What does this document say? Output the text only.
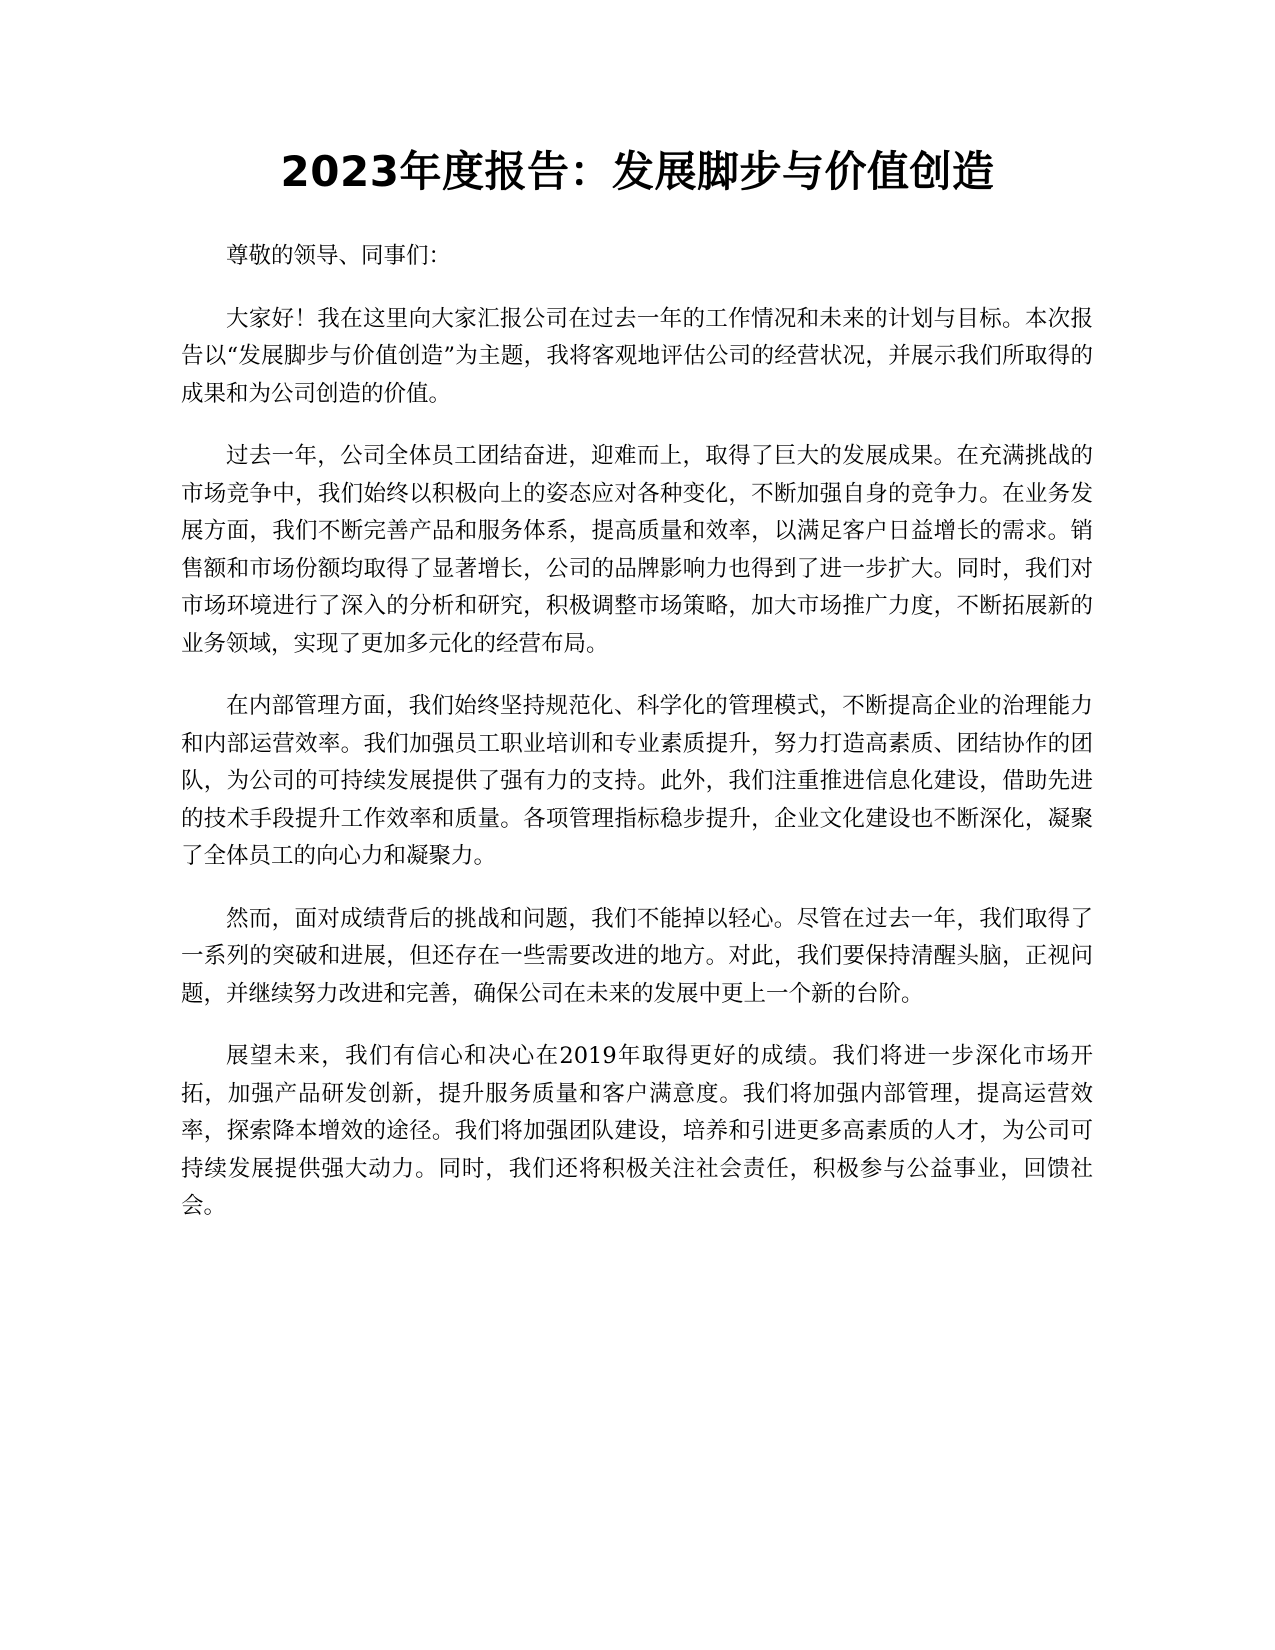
2023年度报告：发展脚步与价值创造

尊敬的领导、同事们：

大家好！我在这里向大家汇报公司在过去一年的工作情况和未来的计划与目标。本次报告以“发展脚步与价值创造”为主题，我将客观地评估公司的经营状况，并展示我们所取得的成果和为公司创造的价值。

过去一年，公司全体员工团结奋进，迎难而上，取得了巨大的发展成果。在充满挑战的市场竞争中，我们始终以积极向上的姿态应对各种变化，不断加强自身的竞争力。在业务发展方面，我们不断完善产品和服务体系，提高质量和效率，以满足客户日益增长的需求。销售额和市场份额均取得了显著增长，公司的品牌影响力也得到了进一步扩大。同时，我们对市场环境进行了深入的分析和研究，积极调整市场策略，加大市场推广力度，不断拓展新的业务领域，实现了更加多元化的经营布局。

在内部管理方面，我们始终坚持规范化、科学化的管理模式，不断提高企业的治理能力和内部运营效率。我们加强员工职业培训和专业素质提升，努力打造高素质、团结协作的团队，为公司的可持续发展提供了强有力的支持。此外，我们注重推进信息化建设，借助先进的技术手段提升工作效率和质量。各项管理指标稳步提升，企业文化建设也不断深化，凝聚了全体员工的向心力和凝聚力。

然而，面对成绩背后的挑战和问题，我们不能掉以轻心。尽管在过去一年，我们取得了一系列的突破和进展，但还存在一些需要改进的地方。对此，我们要保持清醒头脑，正视问题，并继续努力改进和完善，确保公司在未来的发展中更上一个新的台阶。

展望未来，我们有信心和决心在2019年取得更好的成绩。我们将进一步深化市场开拓，加强产品研发创新，提升服务质量和客户满意度。我们将加强内部管理，提高运营效率，探索降本增效的途径。我们将加强团队建设，培养和引进更多高素质的人才，为公司可持续发展提供强大动力。同时，我们还将积极关注社会责任，积极参与公益事业，回馈社会。
